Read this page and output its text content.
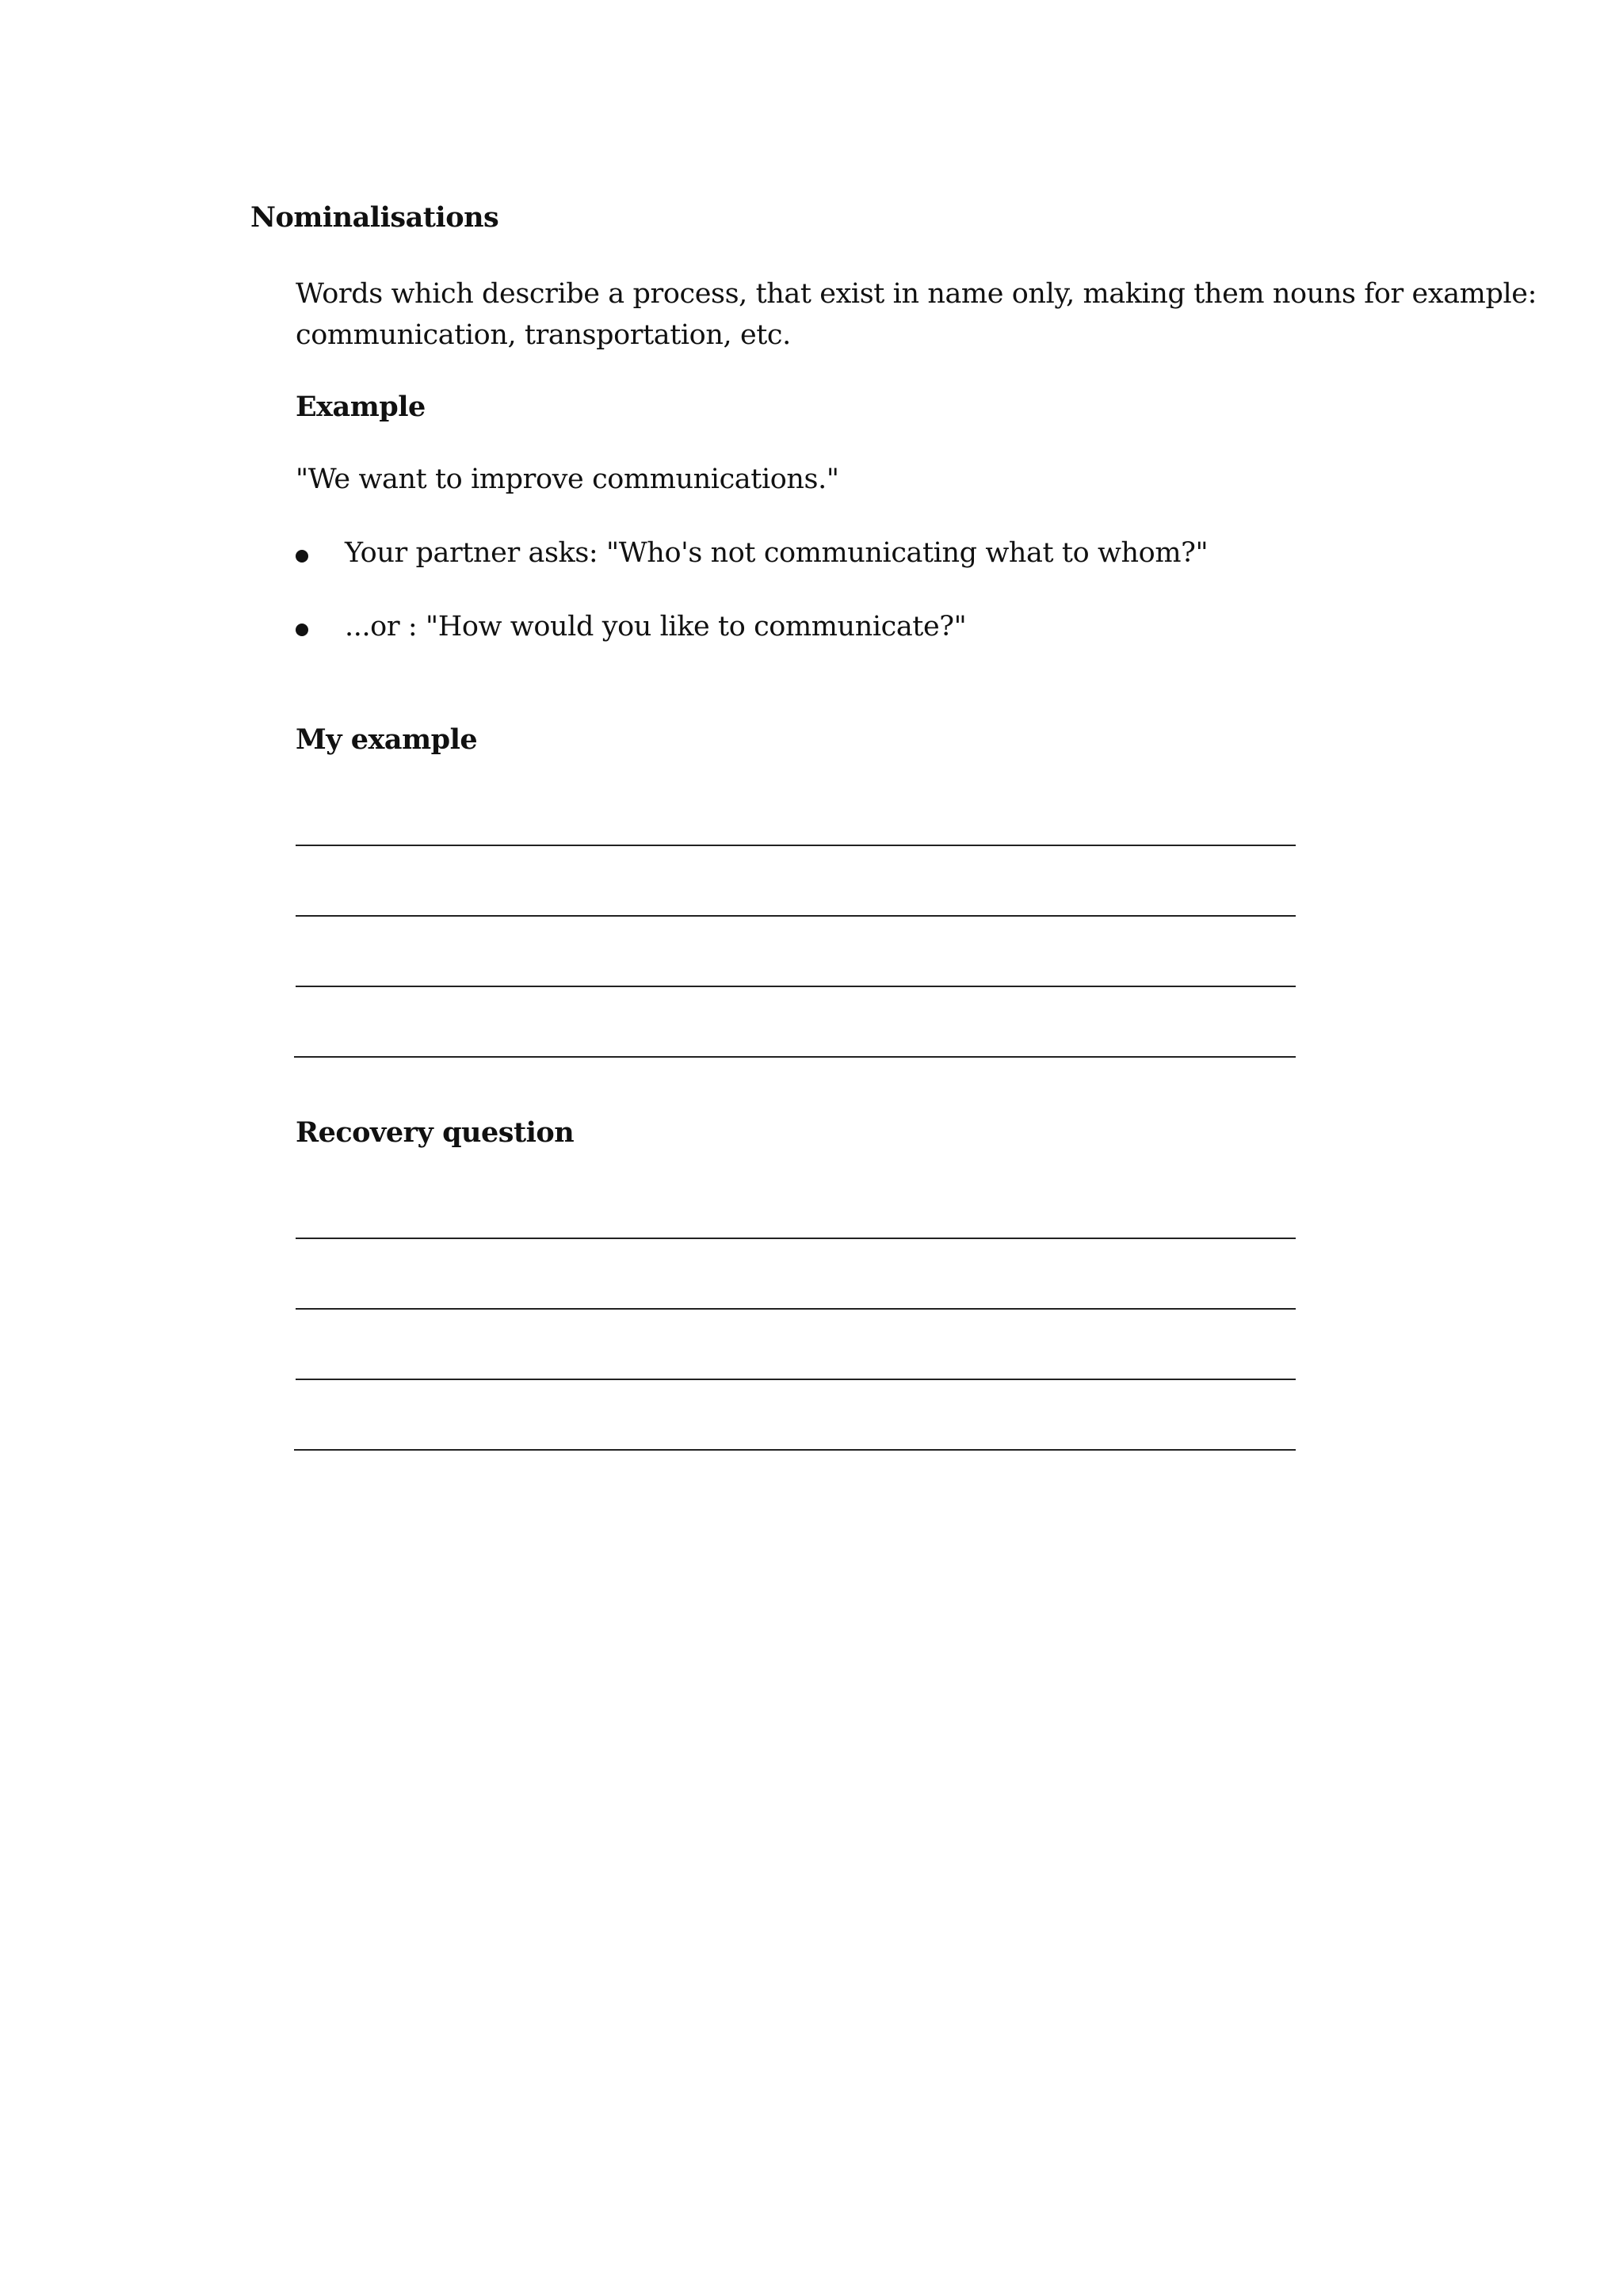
Nominalisations
Words which describe a process, that exist in name only, making them nouns for example:
communication, transportation, etc.
Example
"We want to improve communications."
Your partner asks: "Who's not communicating what to whom?"
...or : "How would you like to communicate?"
My example
Recovery question
